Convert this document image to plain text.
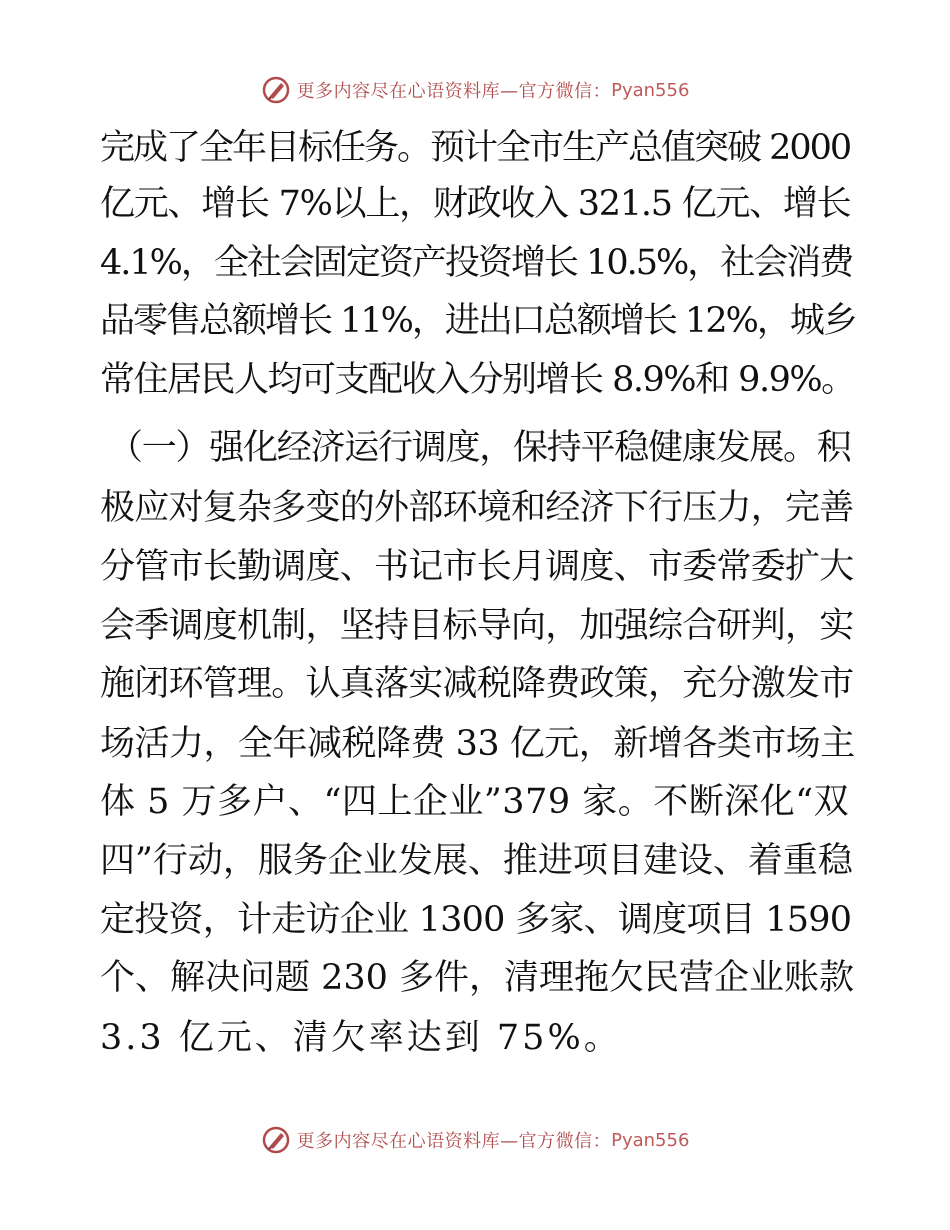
更多内容尽在心语资料库—官方微信： Pyan556

完成了全年目标任务。预计全市生产总值突破 2000

亿元、增长 7%以上，财政收入 321.5 亿元、增长

4.1%，全社会固定资产投资增长 10.5%，社会消费

品零售总额增长 11%，进出口总额增长 12%，城乡

常住居民人均可支配收入分别增长 8.9%和 9.9%。

（一）强化经济运行调度，保持平稳健康发展。积

极应对复杂多变的外部环境和经济下行压力，完善

分管市长勤调度、书记市长月调度、市委常委扩大

会季调度机制，坚持目标导向，加强综合研判，实

施闭环管理。认真落实减税降费政策，充分激发市

场活力，全年减税降费 33 亿元，新增各类市场主

体 5 万多户、“四上企业”379 家。不断深化“双

四”行动，服务企业发展、推进项目建设、着重稳

定投资，计走访企业 1300 多家、调度项目 1590

个、解决问题 230 多件，清理拖欠民营企业账款

3.3 亿元、清欠率达到 75%。

更多内容尽在心语资料库—官方微信： Pyan556
